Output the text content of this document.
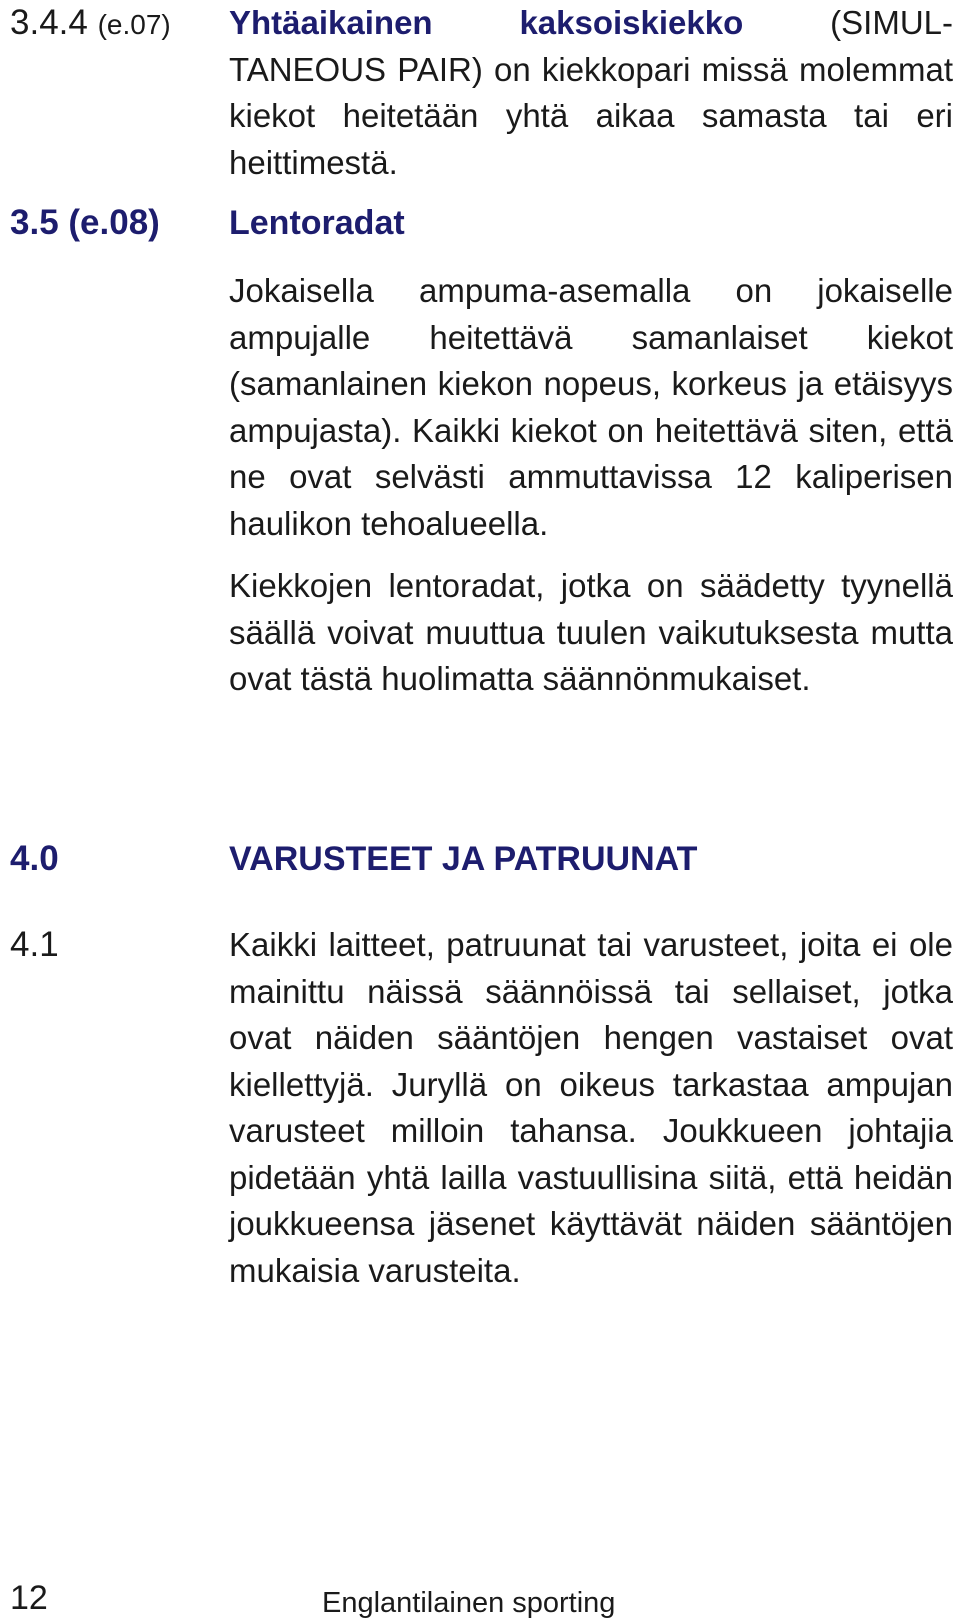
3.4.4 (e.07) Yhtäaikainen kaksoiskiekko	(SIMUL-TANEOUS PAIR) on kiekkopari missä molemmat kiekot heitetään yhtä aikaa samasta tai eri heittimestä.

3.5 (e.08) Lentoradat

Jokaisella ampuma-asemalla on jokaiselle ampujalle heitettävä samanlaiset kiekot (samanlainen kiekon nopeus, korkeus ja etäisyys ampujasta). Kaikki kiekot on heitettävä siten, että ne ovat selvästi ammuttavissa 12 kaliperisen haulikon tehoalueella.

Kiekkojen lentoradat, jotka on säädetty tyynellä säällä voivat muuttua tuulen vaikutuksesta mutta ovat tästä huolimatta säännönmukaiset.

4.0	VARUSTEET JA PATRUUNAT
4.1	Kaikki laitteet, patruunat tai varusteet, joita ei ole mainittu näissä säännöissä tai sellaiset, jotka ovat näiden sääntöjen hengen vastaiset ovat kiellettyjä. Juryllä on oikeus tarkastaa ampujan varusteet milloin tahansa. Joukkueen johtajia pidetään yhtä lailla vastuullisina siitä, että heidän joukkueensa jäsenet käyttävät näiden sääntöjen mukaisia varusteita.

12	Englantilainen sporting
